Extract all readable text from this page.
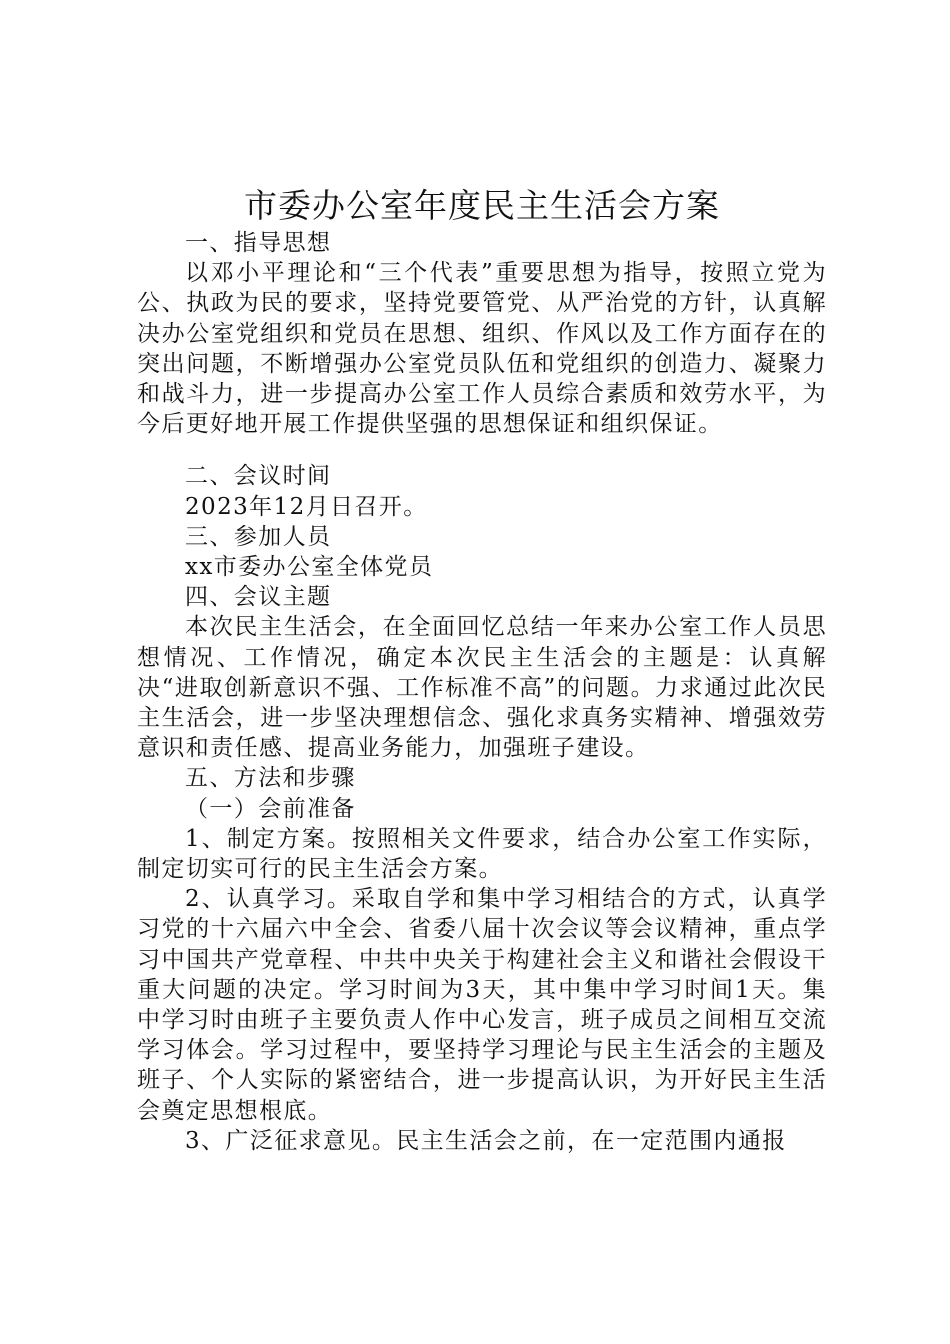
市委办公室年度民主生活会方案

一、指导思想

以邓小平理论和“三个代表”重要思想为指导，按照立党为公、执政为民的要求，坚持党要管党、从严治党的方针，认真解决办公室党组织和党员在思想、组织、作风以及工作方面存在的突出问题，不断增强办公室党员队伍和党组织的创造力、凝聚力和战斗力，进一步提高办公室工作人员综合素质和效劳水平，为今后更好地开展工作提供坚强的思想保证和组织保证。

二、会议时间

2023年12月日召开。

三、参加人员

xx市委办公室全体党员

四、会议主题

本次民主生活会，在全面回忆总结一年来办公室工作人员思想情况、工作情况，确定本次民主生活会的主题是：认真解决“进取创新意识不强、工作标准不高”的问题。力求通过此次民主生活会，进一步坚决理想信念、强化求真务实精神、增强效劳意识和责任感、提高业务能力，加强班子建设。

五、方法和步骤

（一）会前准备

1、制定方案。按照相关文件要求，结合办公室工作实际，制定切实可行的民主生活会方案。

2、认真学习。采取自学和集中学习相结合的方式，认真学习党的十六届六中全会、省委八届十次会议等会议精神，重点学习中国共产党章程、中共中央关于构建社会主义和谐社会假设干重大问题的决定。学习时间为3天，其中集中学习时间1天。集中学习时由班子主要负责人作中心发言，班子成员之间相互交流学习体会。学习过程中，要坚持学习理论与民主生活会的主题及班子、个人实际的紧密结合，进一步提高认识，为开好民主生活会奠定思想根底。

3、广泛征求意见。民主生活会之前，在一定范围内通报
